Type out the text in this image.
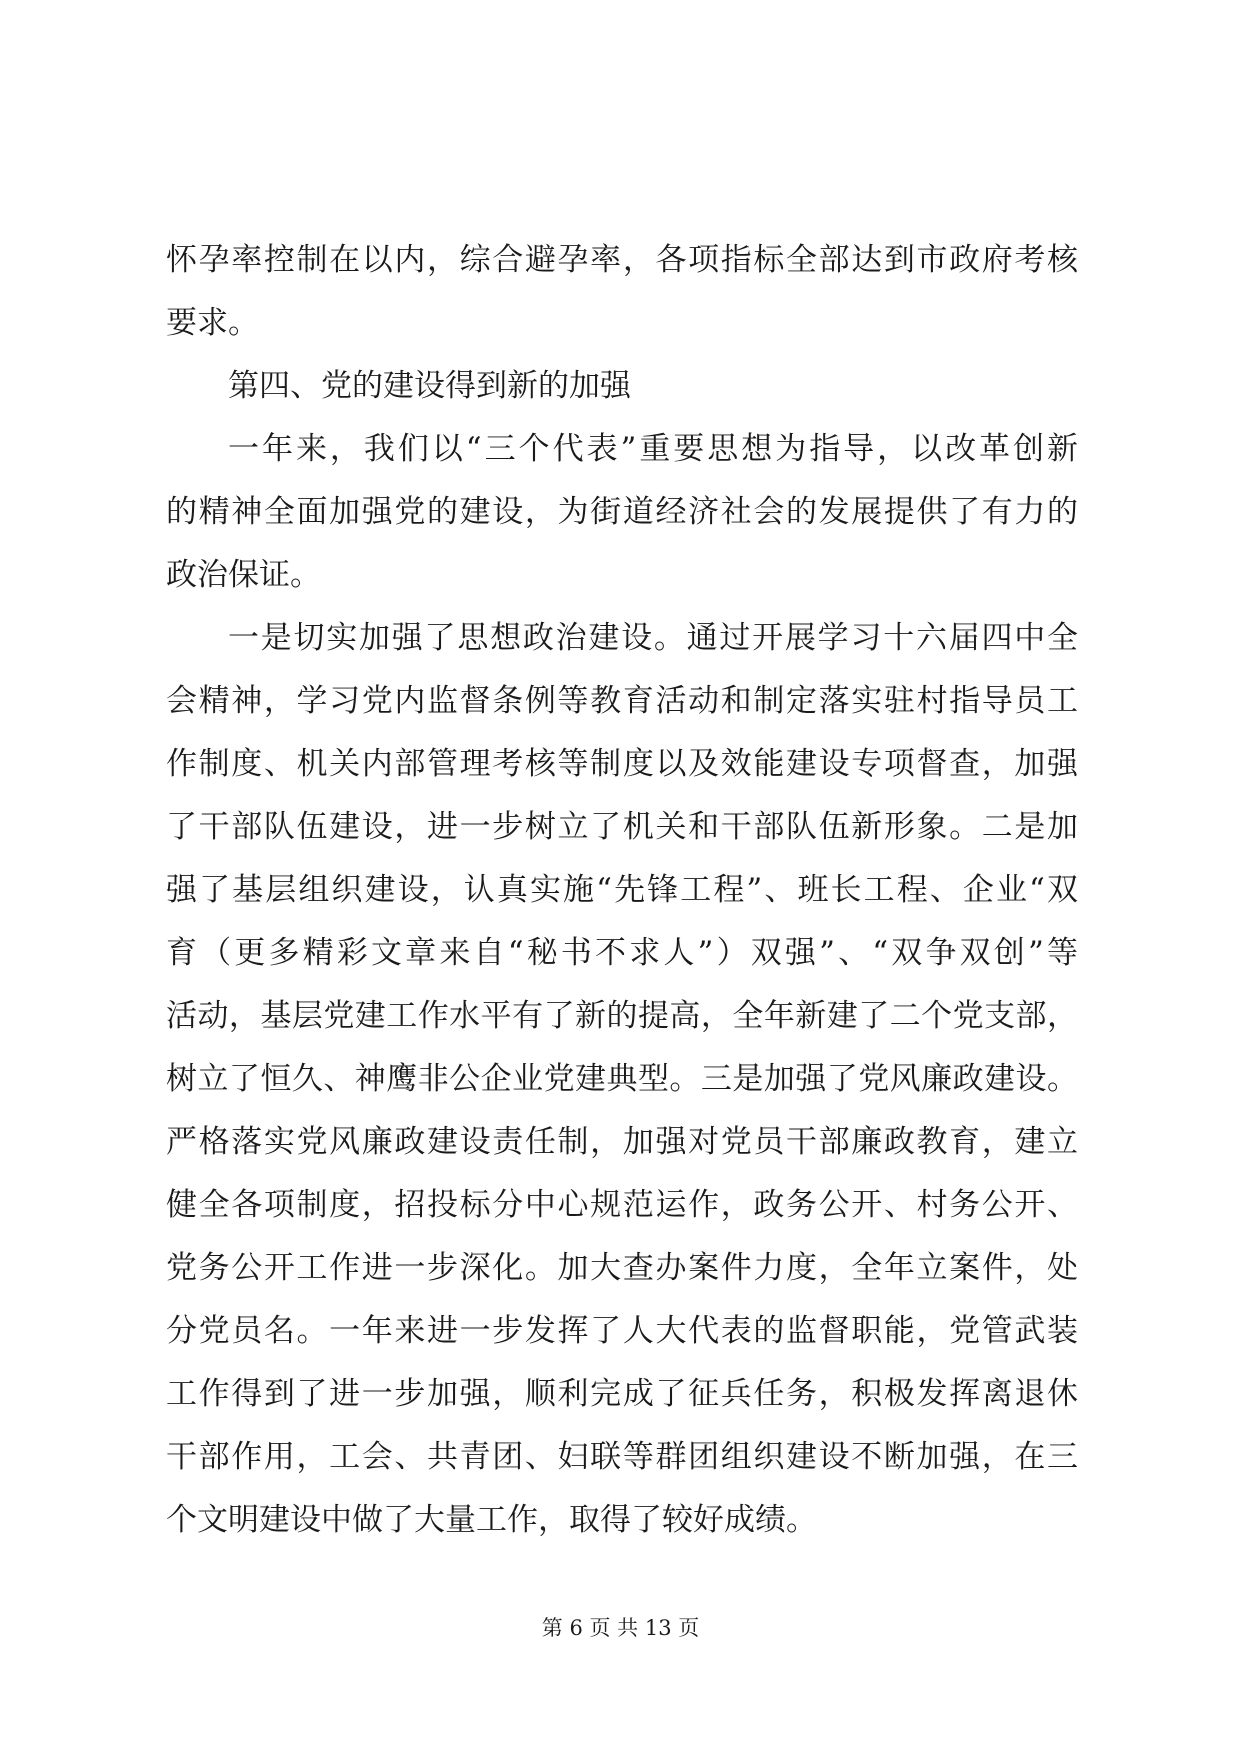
怀孕率控制在以内，综合避孕率，各项指标全部达到市政府考核
要求。
第四、党的建设得到新的加强
一年来，我们以“三个代表”重要思想为指导，以改革创新
的精神全面加强党的建设，为街道经济社会的发展提供了有力的
政治保证。
一是切实加强了思想政治建设。通过开展学习十六届四中全
会精神，学习党内监督条例等教育活动和制定落实驻村指导员工
作制度、机关内部管理考核等制度以及效能建设专项督查，加强
了干部队伍建设，进一步树立了机关和干部队伍新形象。二是加
强了基层组织建设，认真实施“先锋工程”、班长工程、企业“双
育（更多精彩文章来自“秘书不求人”）双强”、“双争双创”等
活动，基层党建工作水平有了新的提高，全年新建了二个党支部，
树立了恒久、神鹰非公企业党建典型。三是加强了党风廉政建设。
严格落实党风廉政建设责任制，加强对党员干部廉政教育，建立
健全各项制度，招投标分中心规范运作，政务公开、村务公开、
党务公开工作进一步深化。加大查办案件力度，全年立案件，处
分党员名。一年来进一步发挥了人大代表的监督职能，党管武装
工作得到了进一步加强，顺利完成了征兵任务，积极发挥离退休
干部作用，工会、共青团、妇联等群团组织建设不断加强，在三
个文明建设中做了大量工作，取得了较好成绩。
第 6 页 共 13 页
